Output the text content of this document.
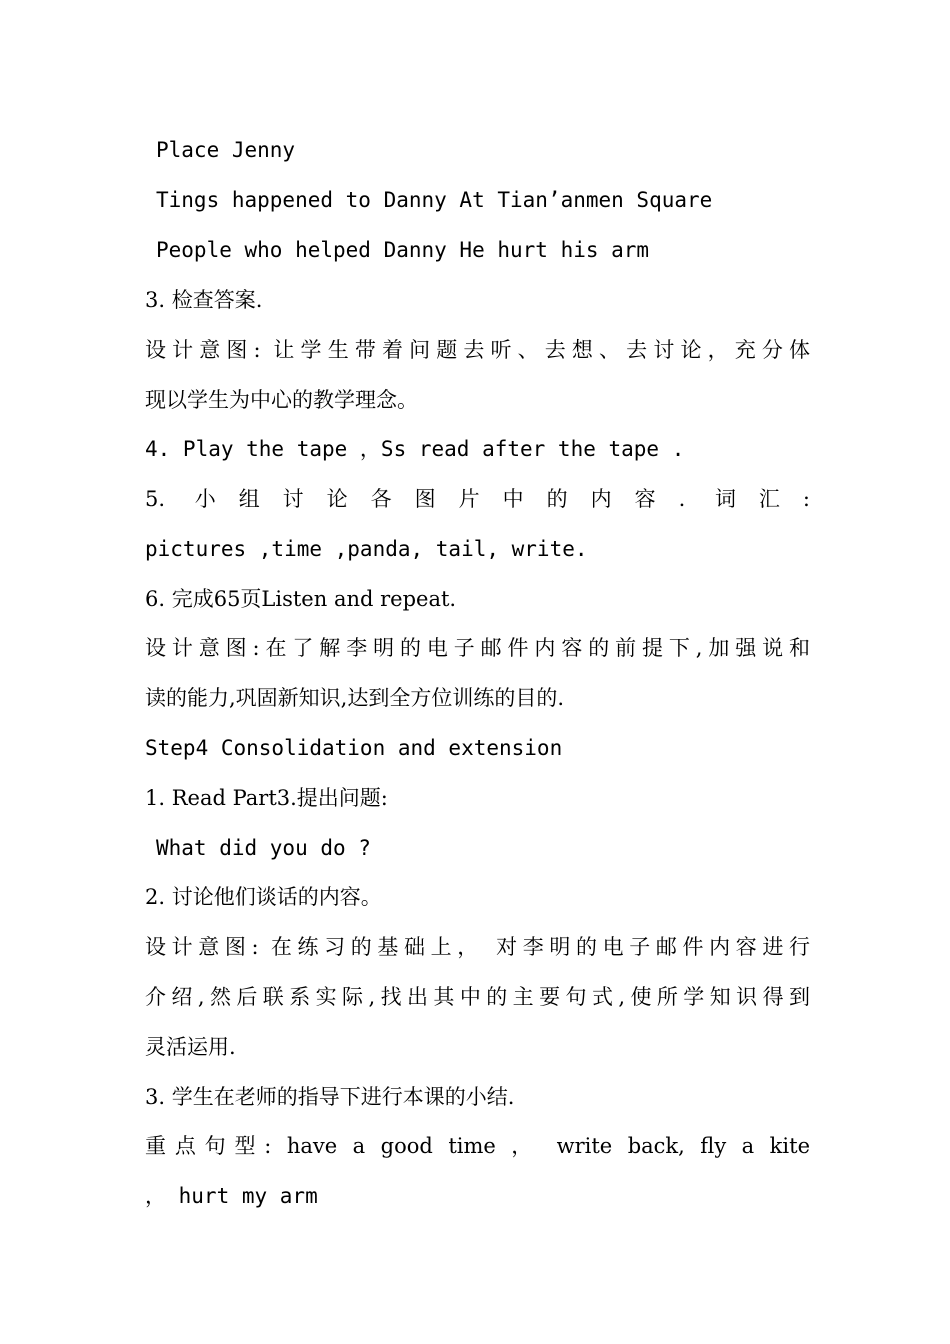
Place Jenny
Tings happened to Danny At Tian’anmen Square
People who helped Danny He hurt his arm
3. 检查答案.
设计意图: 让学生带着问题去听、去想、去讨论，充分体
现以学生为中心的教学理念。
4. Play the tape ，Ss read after the tape .
5. 小组讨论各图片中的内容. 词汇:
pictures ,time ,panda, tail, write.
6. 完成65页Listen and repeat.
设计意图:在了解李明的电子邮件内容的前提下,加强说和
读的能力,巩固新知识,达到全方位训练的目的.
Step4 Consolidation and extension
1. Read Part3.提出问题:
What did you do ?
2. 讨论他们谈话的内容。
设计意图: 在练习的基础上， 对李明的电子邮件内容进行
介绍,然后联系实际,找出其中的主要句式,使所学知识得到
灵活运用.
3. 学生在老师的指导下进行本课的小结.
重点句型: have a good time ， write back, fly a kite
， hurt my arm
